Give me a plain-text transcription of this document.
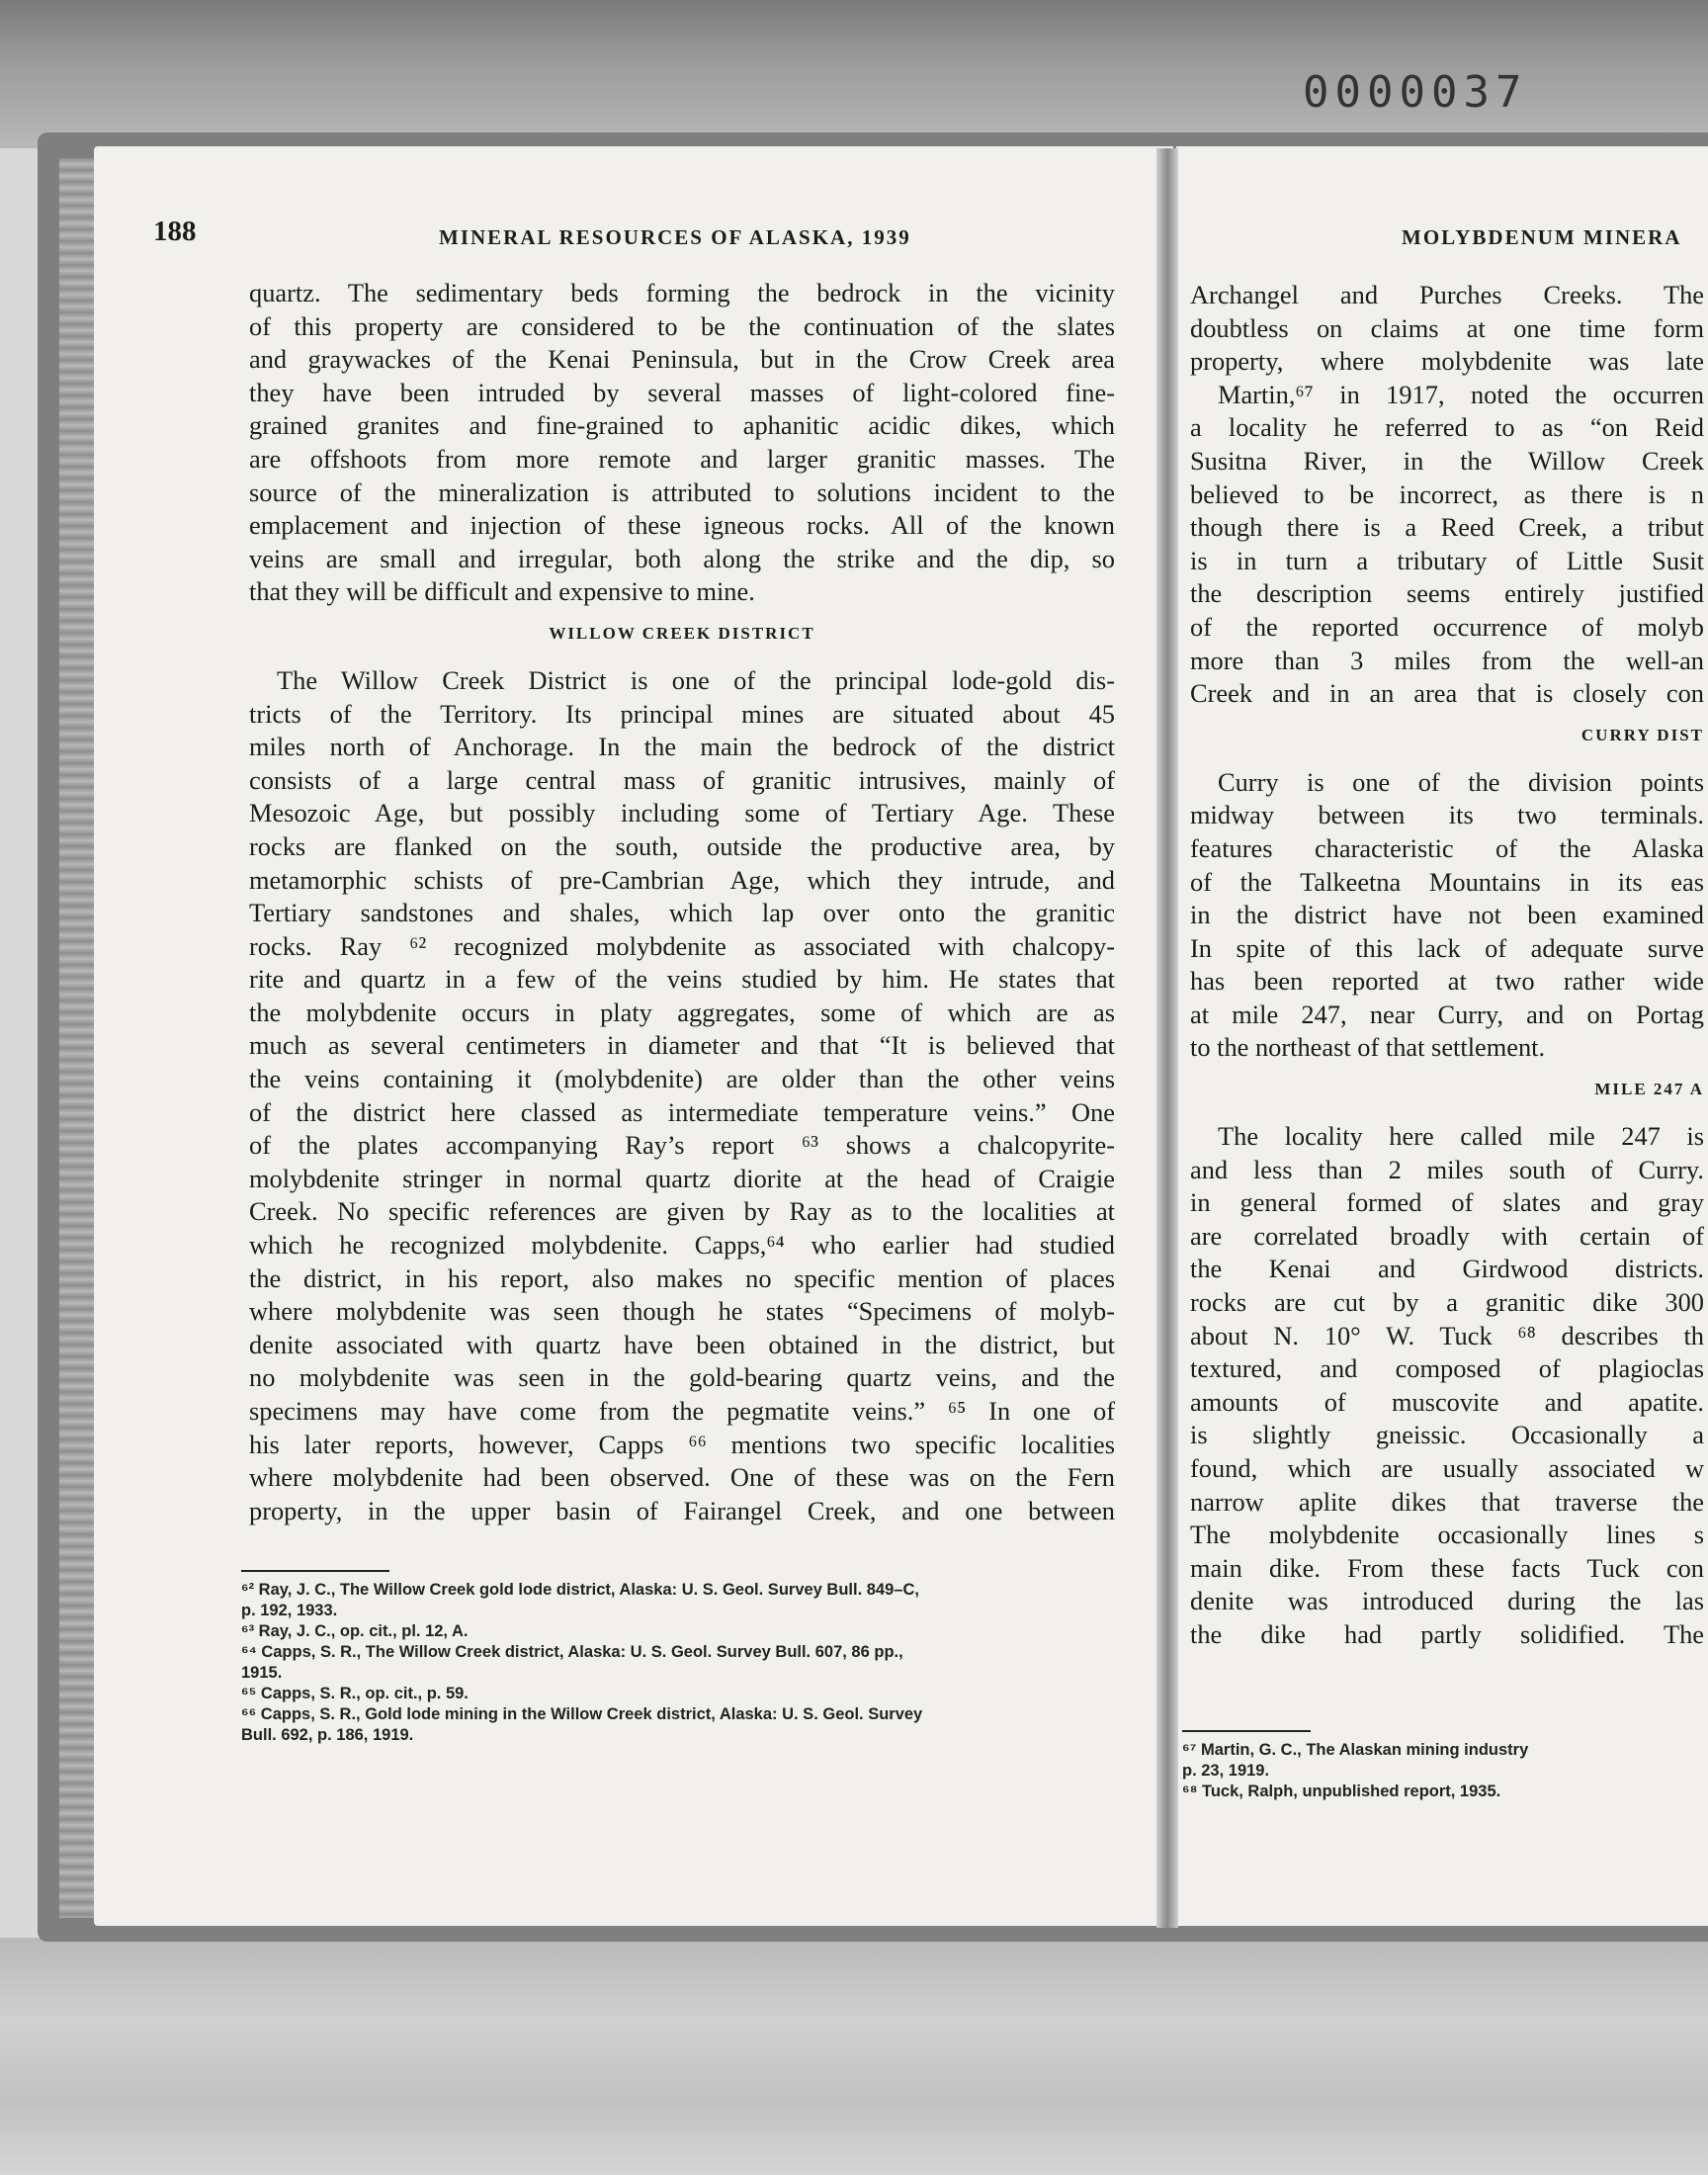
0000037
188	MINERAL RESOURCES OF ALASKA, 1939	MOLYBDENUM MINERA
quartz. The sedimentary beds forming the bedrock in the vicinity
of this property are considered to be the continuation of the slates
and graywackes of the Kenai Peninsula, but in the Crow Creek area
they have been intruded by several masses of light-colored fine-
grained granites and fine-grained to aphanitic acidic dikes, which
are offshoots from more remote and larger granitic masses. The
source of the mineralization is attributed to solutions incident to the
emplacement and injection of these igneous rocks. All of the known
veins are small and irregular, both along the strike and the dip, so
that they will be difficult and expensive to mine.
WILLOW CREEK DISTRICT
The Willow Creek District is one of the principal lode-gold dis-
tricts of the Territory. Its principal mines are situated about 45
miles north of Anchorage. In the main the bedrock of the district
consists of a large central mass of granitic intrusives, mainly of
Mesozoic Age, but possibly including some of Tertiary Age. These
rocks are flanked on the south, outside the productive area, by
metamorphic schists of pre-Cambrian Age, which they intrude, and
Tertiary sandstones and shales, which lap over onto the granitic
rocks. Ray ⁶² recognized molybdenite as associated with chalcopy-
rite and quartz in a few of the veins studied by him. He states that
the molybdenite occurs in platy aggregates, some of which are as
much as several centimeters in diameter and that “It is believed that
the veins containing it (molybdenite) are older than the other veins
of the district here classed as intermediate temperature veins.” One
of the plates accompanying Ray’s report ⁶³ shows a chalcopyrite-
molybdenite stringer in normal quartz diorite at the head of Craigie
Creek. No specific references are given by Ray as to the localities at
which he recognized molybdenite. Capps,⁶⁴ who earlier had studied
the district, in his report, also makes no specific mention of places
where molybdenite was seen though he states “Specimens of molyb-
denite associated with quartz have been obtained in the district, but
no molybdenite was seen in the gold-bearing quartz veins, and the
specimens may have come from the pegmatite veins.” ⁶⁵ In one of
his later reports, however, Capps ⁶⁶ mentions two specific localities
where molybdenite had been observed. One of these was on the Fern
property, in the upper basin of Fairangel Creek, and one between
⁶² Ray, J. C., The Willow Creek gold lode district, Alaska: U. S. Geol. Survey Bull. 849–C,
p. 192, 1933.
⁶³ Ray, J. C., op. cit., pl. 12, A.
⁶⁴ Capps, S. R., The Willow Creek district, Alaska: U. S. Geol. Survey Bull. 607, 86 pp.,
1915.
⁶⁵ Capps, S. R., op. cit., p. 59.
⁶⁶ Capps, S. R., Gold lode mining in the Willow Creek district, Alaska: U. S. Geol. Survey
Bull. 692, p. 186, 1919.
Archangel and Purches Creeks. The
doubtless on claims at one time form
property, where molybdenite was late
Martin,⁶⁷ in 1917, noted the occurren
a locality he referred to as “on Reid
Susitna River, in the Willow Creek
believed to be incorrect, as there is n
though there is a Reed Creek, a tribut
is in turn a tributary of Little Susit
the description seems entirely justified
of the reported occurrence of molyb
more than 3 miles from the well-an
Creek and in an area that is closely con
CURRY DIST
Curry is one of the division points
midway between its two terminals.
features characteristic of the Alaska
of the Talkeetna Mountains in its eas
in the district have not been examined
In spite of this lack of adequate surve
has been reported at two rather wide
at mile 247, near Curry, and on Portag
to the northeast of that settlement.
MILE 247 A
The locality here called mile 247 is
and less than 2 miles south of Curry.
in general formed of slates and gray
are correlated broadly with certain of
the Kenai and Girdwood districts.
rocks are cut by a granitic dike 300
about N. 10° W. Tuck ⁶⁸ describes th
textured, and composed of plagioclas
amounts of muscovite and apatite.
is slightly gneissic. Occasionally a
found, which are usually associated w
narrow aplite dikes that traverse the
The molybdenite occasionally lines s
main dike. From these facts Tuck con
denite was introduced during the las
the dike had partly solidified. The
⁶⁷ Martin, G. C., The Alaskan mining industry
p. 23, 1919.
⁶⁸ Tuck, Ralph, unpublished report, 1935.
